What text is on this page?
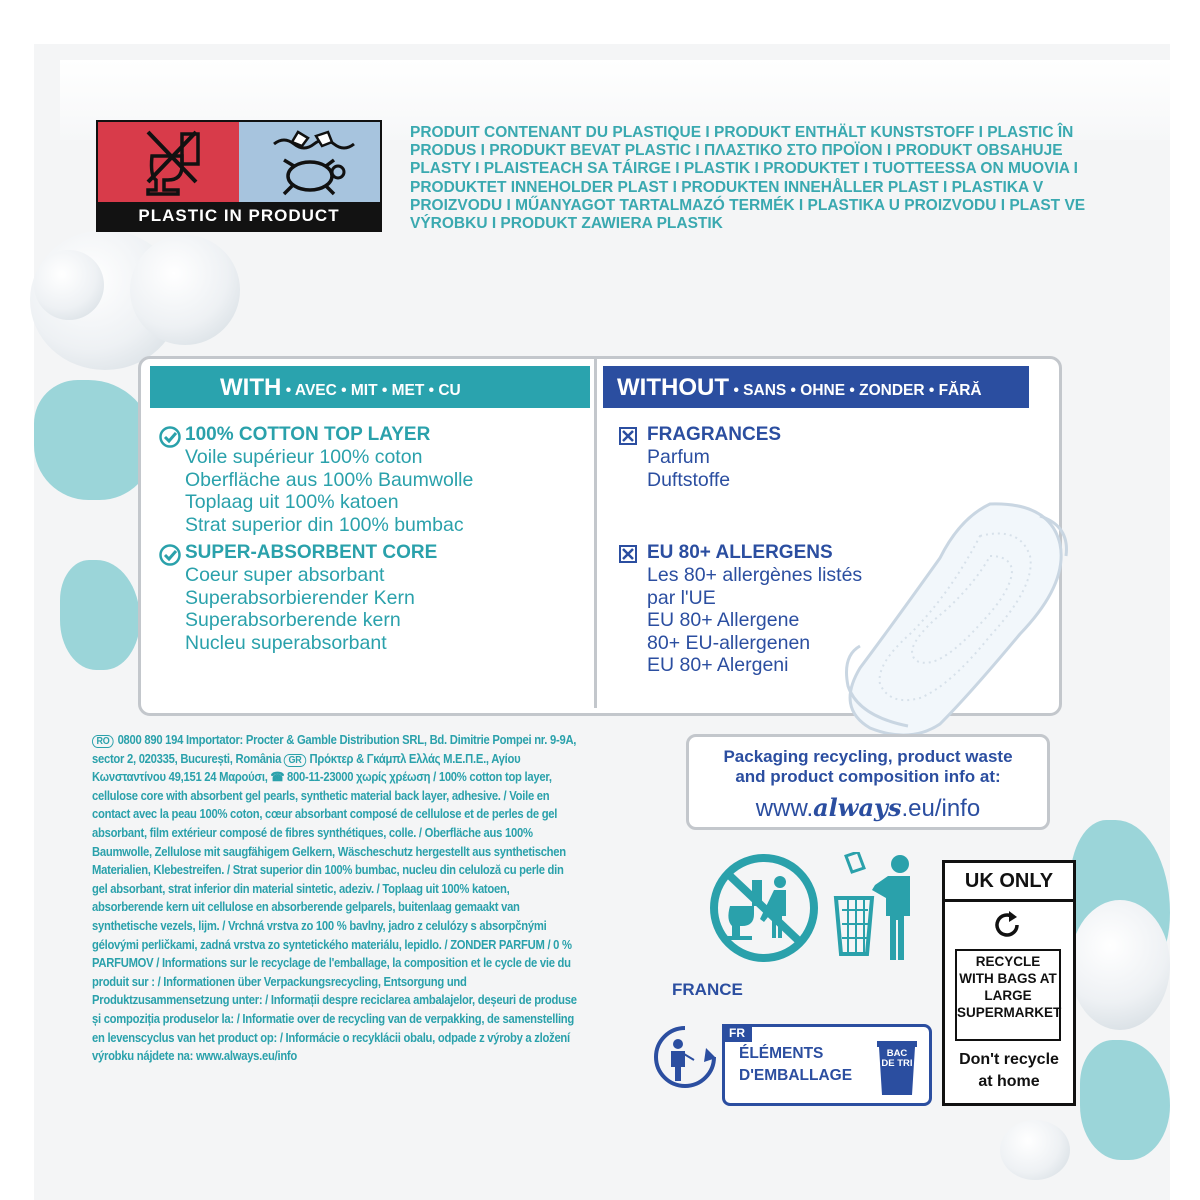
PLASTIC IN PRODUCT
PRODUIT CONTENANT DU PLASTIQUE I PRODUKT ENTHÄLT KUNSTSTOFF I PLASTIC ÎN PRODUS I PRODUKT BEVAT PLASTIC I ΠΛΑΣΤΙΚΟ ΣΤΟ ΠΡΟΪΟΝ I PRODUKT OBSAHUJE PLASTY I PLAISTEACH SA TÁIRGE I PLASTIK I PRODUKTET I TUOTTEESSA ON MUOVIA I PRODUKTET INNEHOLDER PLAST I PRODUKTEN INNEHÅLLER PLAST I PLASTIKA V PROIZVODU I MŰANYAGOT TARTALMAZÓ TERMÉK I PLASTIKA U PROIZVODU I PLAST VE VÝROBKU I PRODUKT ZAWIERA PLASTIK
WITH • AVEC • MIT • MET • CU	WITHOUT • SANS • OHNE • ZONDER • FĂRĂ
100% COTTON TOP LAYER
Voile supérieur 100% coton
Oberfläche aus 100% Baumwolle
Toplaag uit 100% katoen
Strat superior din 100% bumbac
SUPER-ABSORBENT CORE
Coeur super absorbant
Superabsorbierender Kern
Superabsorberende kern
Nucleu superabsorbant
FRAGRANCES
Parfum
Duftstoffe
EU 80+ ALLERGENS
Les 80+ allergènes listés
par l'UE
EU 80+ Allergene
80+ EU-allergenen
EU 80+ Alergeni
RO 0800 890 194 Importator: Procter & Gamble Distribution SRL, Bd. Dimitrie Pompei nr. 9-9A, sector 2, 020335, București, România GR Πρόκτερ & Γκάμπλ Ελλάς Μ.Ε.Π.Ε., Αγίου Κωνσταντίνου 49,151 24 Μαρούσι, ☎ 800-11-23000 χωρίς χρέωση / 100% cotton top layer, cellulose core with absorbent gel pearls, synthetic material back layer, adhesive. / Voile en contact avec la peau 100% coton, cœur absorbant composé de cellulose et de perles de gel absorbant, film extérieur composé de fibres synthétiques, colle. / Oberfläche aus 100% Baumwolle, Zellulose mit saugfähigem Gelkern, Wäscheschutz hergestellt aus synthetischen Materialien, Klebestreifen. / Strat superior din 100% bumbac, nucleu din celuloză cu perle din gel absorbant, strat inferior din material sintetic, adeziv. / Toplaag uit 100% katoen, absorberende kern uit cellulose en absorberende gelparels, buitenlaag gemaakt van synthetische vezels, lijm. / Vrchná vrstva zo 100 % bavlny, jadro z celulózy s absorpčnými gélovými perličkami, zadná vrstva zo syntetického materiálu, lepidlo. / ZONDER PARFUM / 0 % PARFUMOV / Informations sur le recyclage de l'emballage, la composition et le cycle de vie du produit sur : / Informationen über Verpackungsrecycling, Entsorgung und Produktzusammensetzung unter: / Informații despre reciclarea ambalajelor, deșeuri de produse și compoziția produselor la: / Informatie over de recycling van de verpakking, de samenstelling en levenscyclus van het product op: / Informácie o recyklácii obalu, odpade z výroby a zložení výrobku nájdete na: www.always.eu/info
Packaging recycling, product waste
and product composition info at:
www.always.eu/info
FRANCE
FR
ÉLÉMENTS
D'EMBALLAGE
BAC DE TRI
UK ONLY
RECYCLE WITH BAGS AT LARGE SUPERMARKET
Don't recycle
at home
